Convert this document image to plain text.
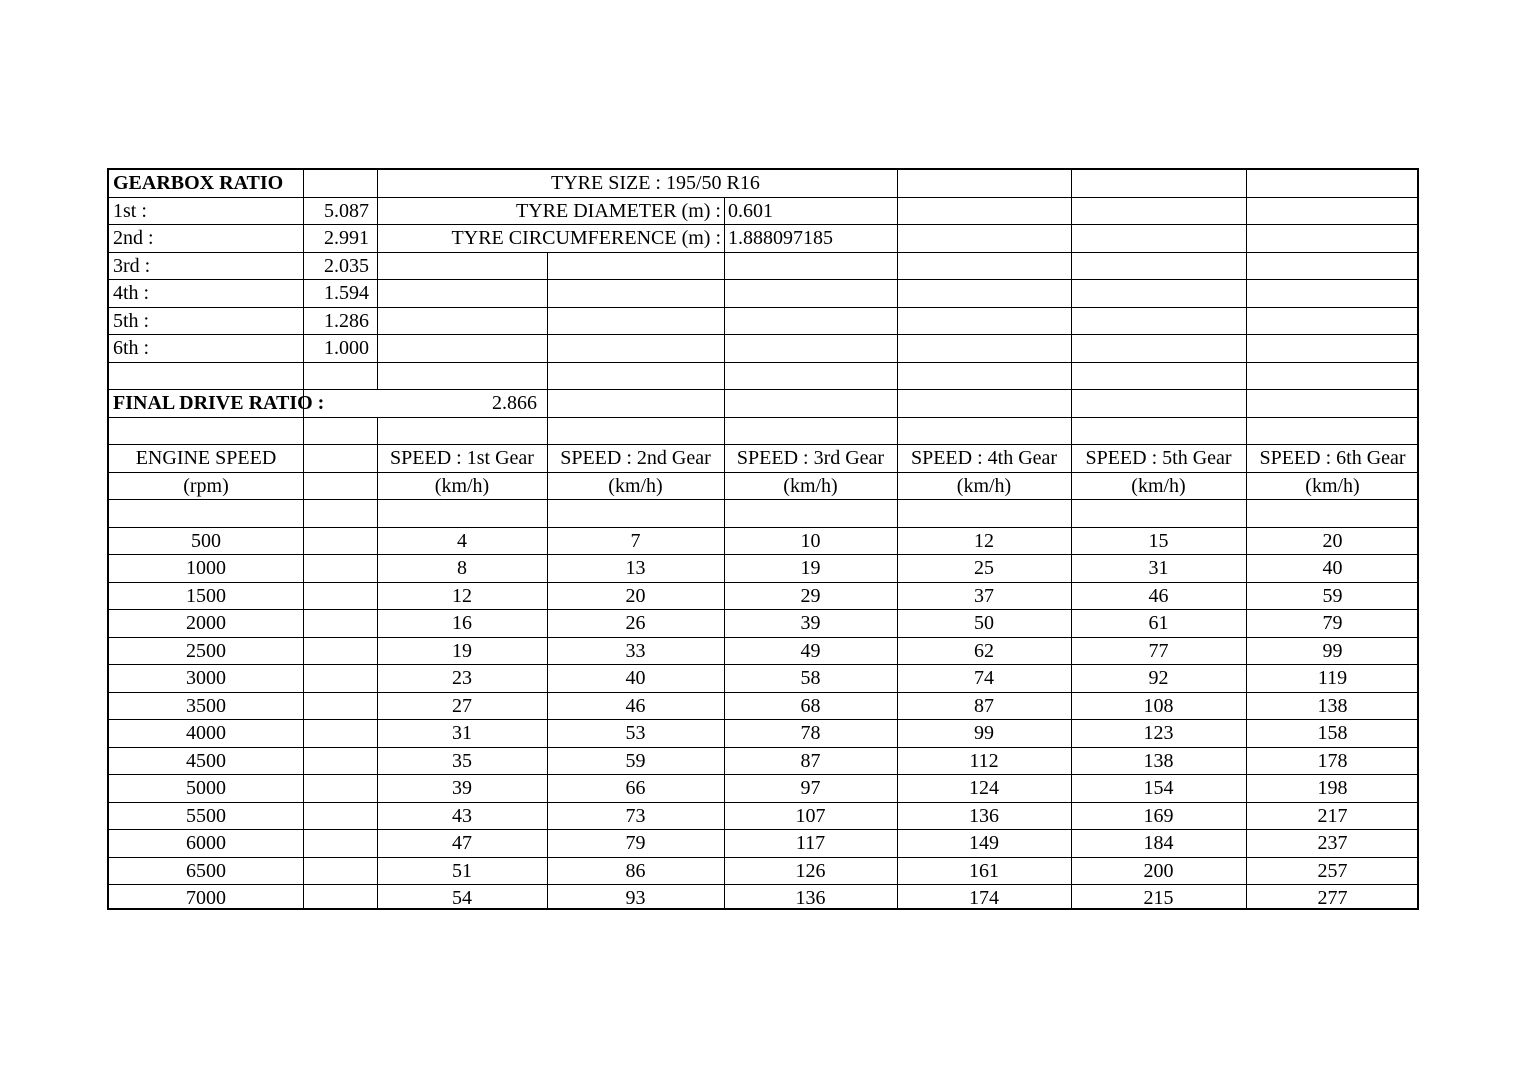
GEARBOX RATIO	TYRE SIZE : 195/50 R16
1st :	5.087	TYRE DIAMETER (m) : 0.601
2nd :	2.991	TYRE CIRCUMFERENCE (m) : 1.888097185
3rd :	2.035
4th :	1.594
5th :	1.286
6th :	1.000
FINAL DRIVE RATIO :	2.866
ENGINE SPEED	SPEED : 1st Gear	SPEED : 2nd Gear	SPEED : 3rd Gear	SPEED : 4th Gear	SPEED : 5th Gear	SPEED : 6th Gear
(rpm)	(km/h)	(km/h)	(km/h)	(km/h)	(km/h)	(km/h)
500	4	7	10	12	15	20
1000	8	13	19	25	31	40
1500	12	20	29	37	46	59
2000	16	26	39	50	61	79
2500	19	33	49	62	77	99
3000	23	40	58	74	92	119
3500	27	46	68	87	108	138
4000	31	53	78	99	123	158
4500	35	59	87	112	138	178
5000	39	66	97	124	154	198
5500	43	73	107	136	169	217
6000	47	79	117	149	184	237
6500	51	86	126	161	200	257
7000	54	93	136	174	215	277
